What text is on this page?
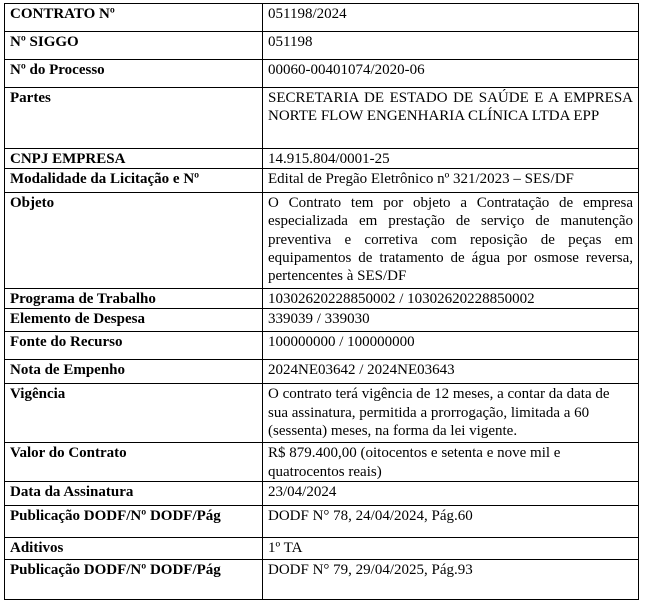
CONTRATO Nº	051198/2024
Nº SIGGO	051198
Nº do Processo	00060-00401074/2020-06
Partes	SECRETARIA DE ESTADO DE SAÚDE E A EMPRESA NORTE FLOW ENGENHARIA CLÍNICA LTDA EPP
CNPJ EMPRESA	14.915.804/0001-25
Modalidade da Licitação e Nº	Edital de Pregão Eletrônico nº 321/2023 – SES/DF
Objeto	O Contrato tem por objeto a Contratação de empresa especializada em prestação de serviço de manutenção preventiva e corretiva com reposição de peças em equipamentos de tratamento de água por osmose reversa, pertencentes à SES/DF
Programa de Trabalho	10302620228850002 / 10302620228850002
Elemento de Despesa	339039 / 339030
Fonte do Recurso	100000000 / 100000000
Nota de Empenho	2024NE03642 / 2024NE03643
Vigência	O contrato terá vigência de 12 meses, a contar da data de sua assinatura, permitida a prorrogação, limitada a 60 (sessenta) meses, na forma da lei vigente.
Valor do Contrato	R$ 879.400,00 (oitocentos e setenta e nove mil e quatrocentos reais)
Data da Assinatura	23/04/2024
Publicação DODF/Nº DODF/Pág	DODF N° 78, 24/04/2024, Pág.60
Aditivos	1º TA
Publicação DODF/Nº DODF/Pág	DODF N° 79, 29/04/2025, Pág.93
